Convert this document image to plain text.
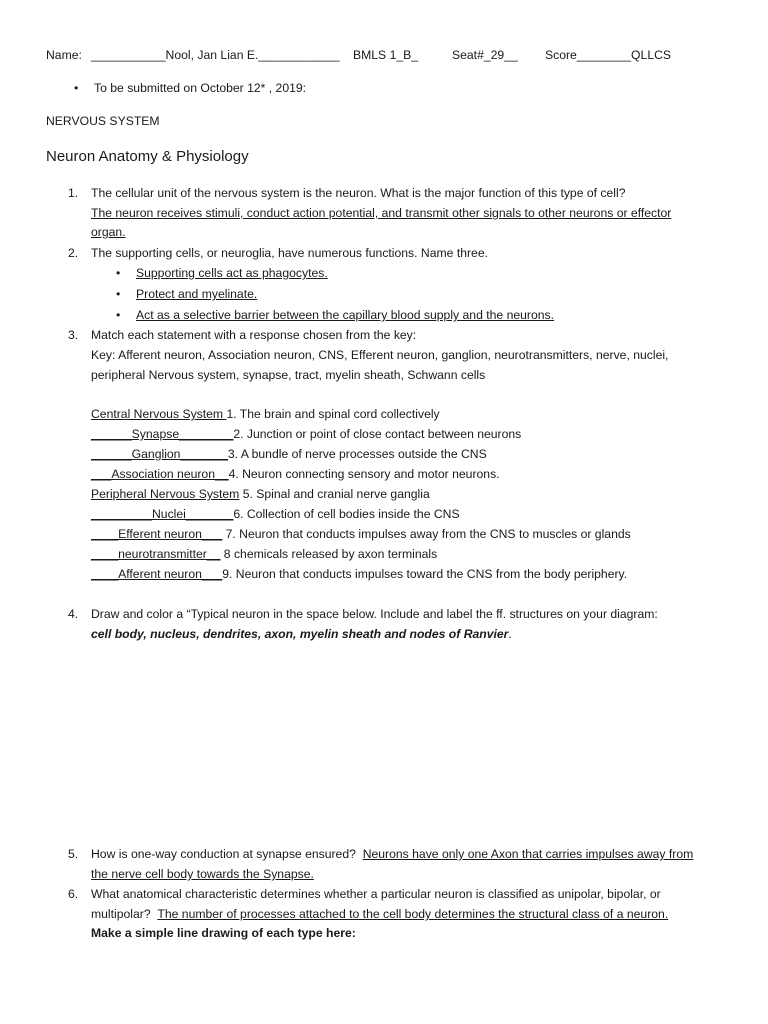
Name: ___________Nool, Jan Lian E.____________ BMLS 1_B_	Seat#_29__ Score________QLLCS
• To be submitted on October 12* , 2019:
NERVOUS SYSTEM
Neuron Anatomy & Physiology
1. The cellular unit of the nervous system is the neuron. What is the major function of this type of cell?
The neuron receives stimuli, conduct action potential, and transmit other signals to other neurons or effector
organ.
2. The supporting cells, or neuroglia, have numerous functions. Name three.
• Supporting cells act as phagocytes.
• Protect and myelinate.
• Act as a selective barrier between the capillary blood supply and the neurons.
3. Match each statement with a response chosen from the key:
Key: Afferent neuron, Association neuron, CNS, Efferent neuron, ganglion, neurotransmitters, nerve, nuclei,
peripheral Nervous system, synapse, tract, myelin sheath, Schwann cells
Central Nervous System 1. The brain and spinal cord collectively
______Synapse________2. Junction or point of close contact between neurons
______Ganglion_______3. A bundle of nerve processes outside the CNS
___Association neuron__4. Neuron connecting sensory and motor neurons.
Peripheral Nervous System 5. Spinal and cranial nerve ganglia
_________Nuclei_______6. Collection of cell bodies inside the CNS
____Efferent neuron___ 7. Neuron that conducts impulses away from the CNS to muscles or glands
____neurotransmitter__ 8 chemicals released by axon terminals
____Afferent neuron___9. Neuron that conducts impulses toward the CNS from the body periphery.
4. Draw and color a “Typical neuron in the space below. Include and label the ff. structures on your diagram:
cell body, nucleus, dendrites, axon, myelin sheath and nodes of Ranvier.
5. How is one-way conduction at synapse ensured? Neurons have only one Axon that carries impulses away from
the nerve cell body towards the Synapse.
6. What anatomical characteristic determines whether a particular neuron is classified as unipolar, bipolar, or
multipolar? The number of processes attached to the cell body determines the structural class of a neuron.
Make a simple line drawing of each type here:
